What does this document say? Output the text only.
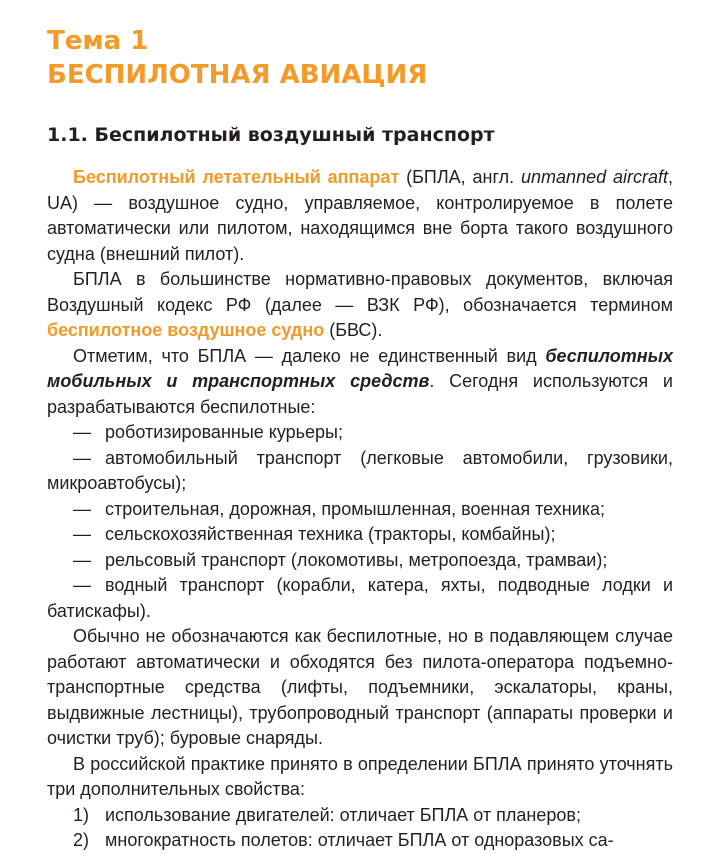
Тема 1
БЕСПИЛОТНАЯ АВИАЦИЯ
1.1. Беспилотный воздушный транспорт

Беспилотный летательный аппарат (БПЛА, англ. unmanned aircraft, UA) — воздушное судно, управляемое, контролируемое в полете автоматически или пилотом, находящимся вне борта такого воздушного судна (внешний пилот).

БПЛА в большинстве нормативно-правовых документов, включая Воздушный кодекс РФ (далее — ВЗК РФ), обозначается термином беспилотное воздушное судно (БВС).

Отметим, что БПЛА — далеко не единственный вид беспилотных мобильных и транспортных средств. Сегодня используются и разрабатываются беспилотные:

— роботизированные курьеры;

— автомобильный транспорт (легковые автомобили, грузовики, микроавтобусы);

— строительная, дорожная, промышленная, военная техника;

— сельскохозяйственная техника (тракторы, комбайны);

— рельсовый транспорт (локомотивы, метропоезда, трамваи);

— водный транспорт (корабли, катера, яхты, подводные лодки и батискафы).

Обычно не обозначаются как беспилотные, но в подавляющем случае работают автоматически и обходятся без пилота-оператора подъемно-транспортные средства (лифты, подъемники, эскалаторы, краны, выдвижные лестницы), трубопроводный транспорт (аппараты проверки и очистки труб); буровые снаряды.

В российской практике принято в определении БПЛА принято уточнять три дополнительных свойства:

1) использование двигателей: отличает БПЛА от планеров;

2) многократность полетов: отличает БПЛА от одноразовых са-
